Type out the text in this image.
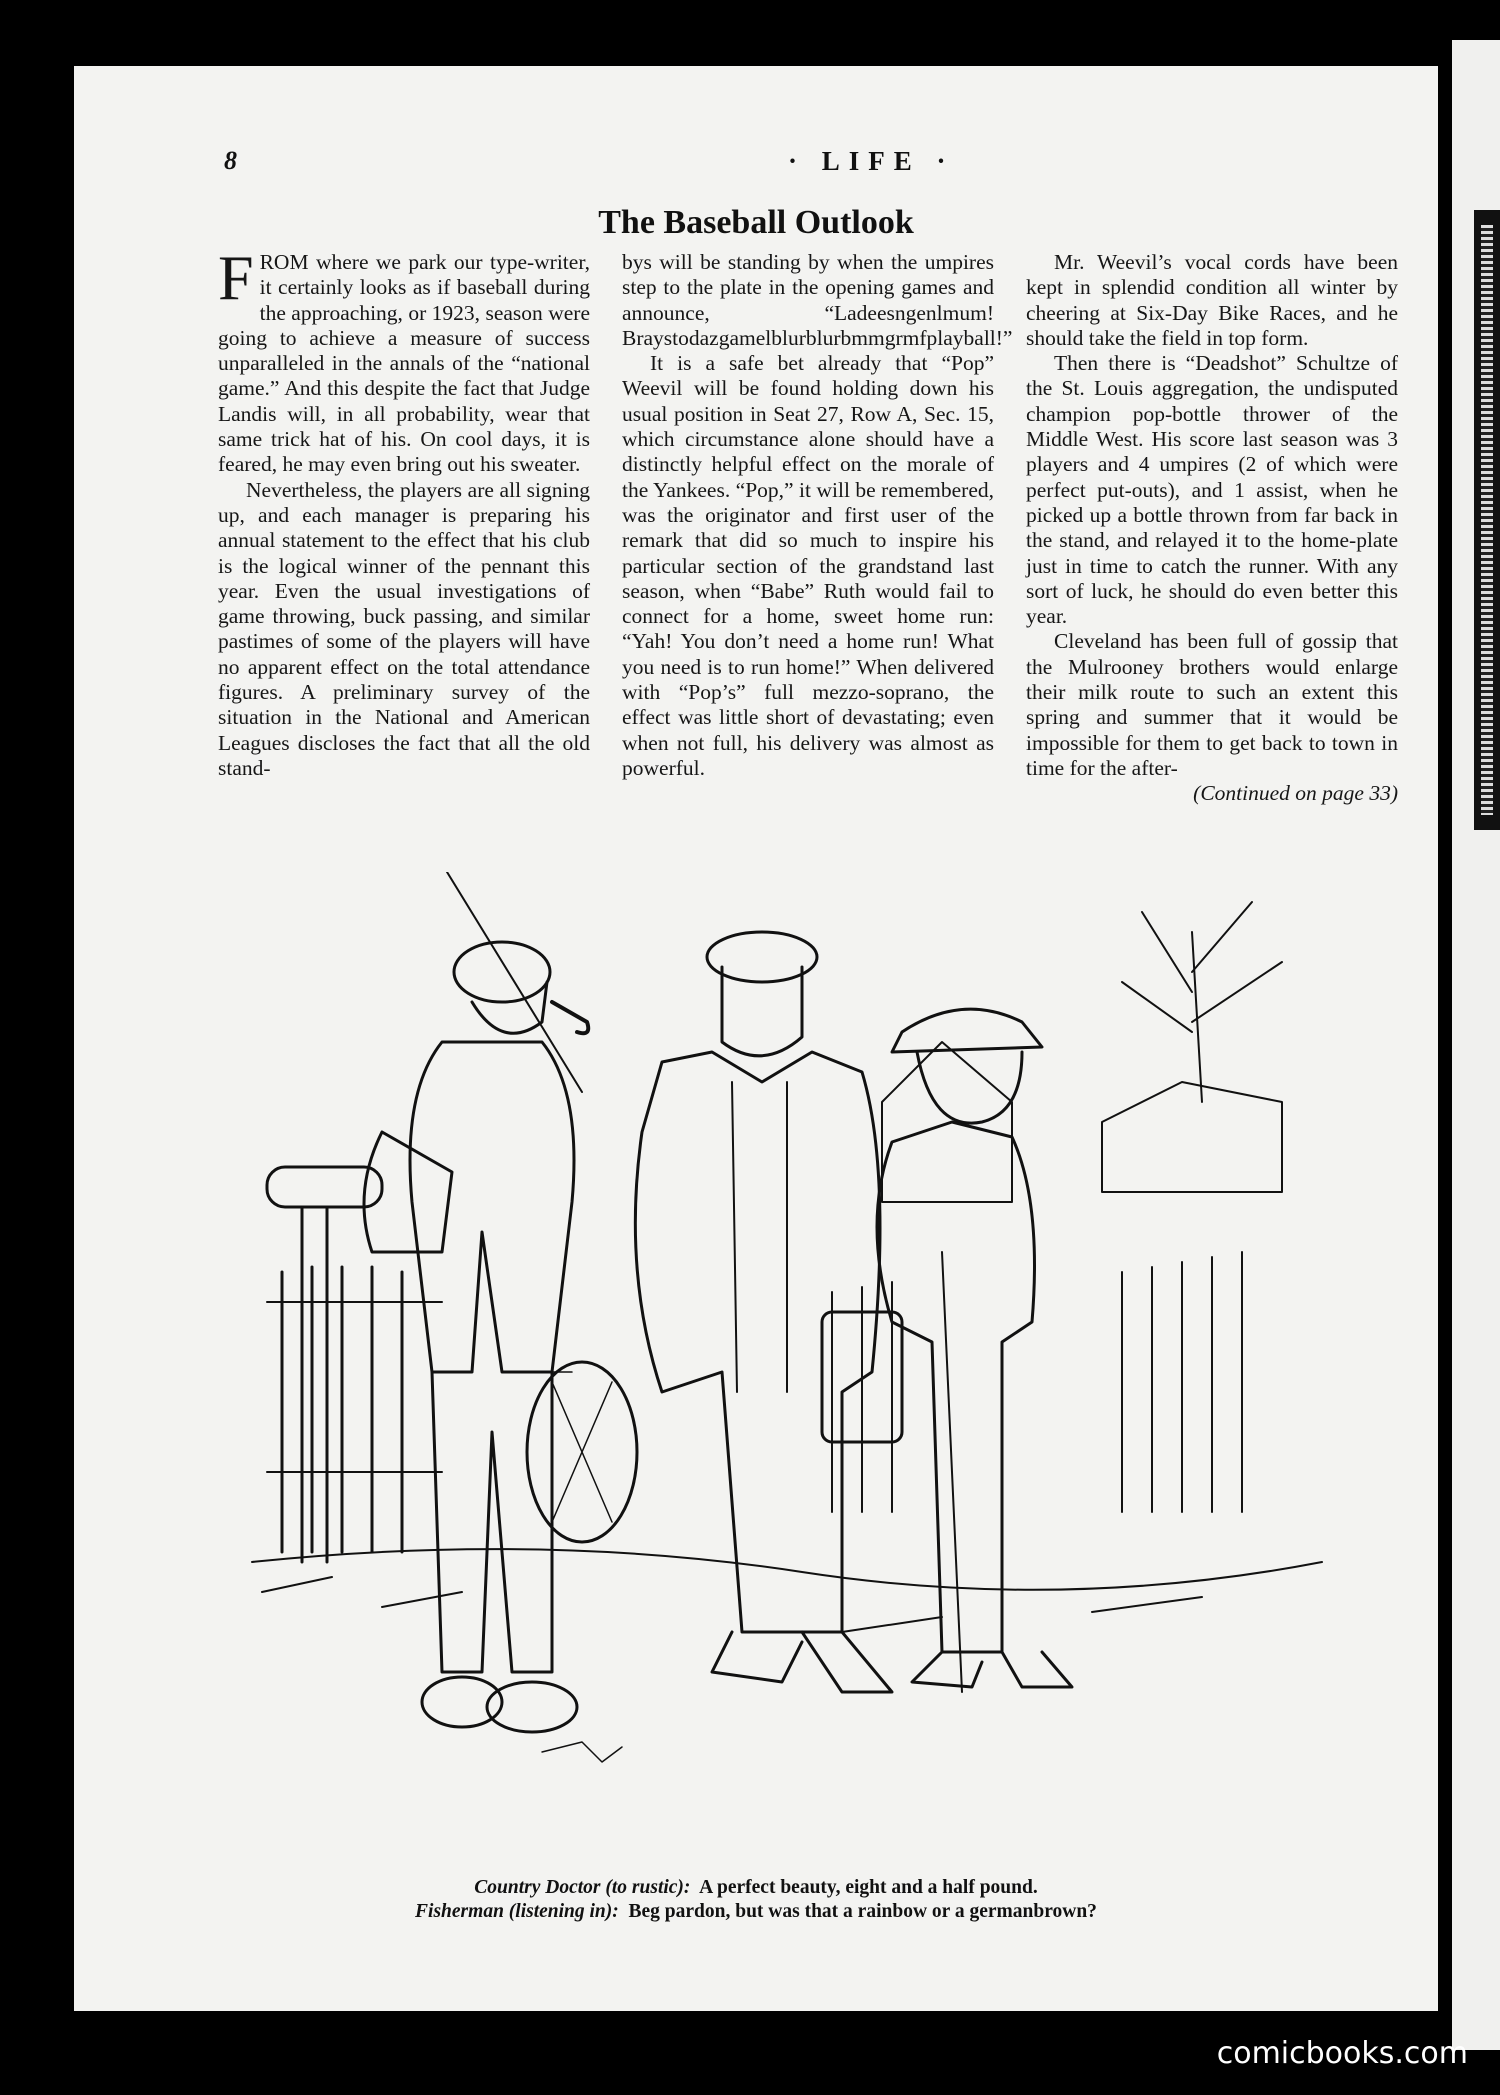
8	· LIFE ·
The Baseball Outlook

FROM where we park our type-writer, it certainly looks as if baseball during the approaching, or 1923, season were going to achieve a measure of success unparalleled in the annals of the “national game.” And this despite the fact that Judge Landis will, in all probability, wear that same trick hat of his. On cool days, it is feared, he may even bring out his sweater.

Nevertheless, the players are all signing up, and each manager is preparing his annual statement to the effect that his club is the logical winner of the pennant this year. Even the usual investigations of game throwing, buck passing, and similar pastimes of some of the players will have no apparent effect on the total attendance figures. A preliminary survey of the situation in the National and American Leagues discloses the fact that all the old stand-

bys will be standing by when the umpires step to the plate in the opening games and announce, “Ladeesngenlmum! Braystodazgamelblurblurbmmgrmfplayball!”

It is a safe bet already that “Pop” Weevil will be found holding down his usual position in Seat 27, Row A, Sec. 15, which circumstance alone should have a distinctly helpful effect on the morale of the Yankees. “Pop,” it will be remembered, was the originator and first user of the remark that did so much to inspire his particular section of the grandstand last season, when “Babe” Ruth would fail to connect for a home, sweet home run: “Yah! You don’t need a home run! What you need is to run home!” When delivered with “Pop’s” full mezzo-soprano, the effect was little short of devastating; even when not full, his delivery was almost as powerful.

Mr. Weevil’s vocal cords have been kept in splendid condition all winter by cheering at Six-Day Bike Races, and he should take the field in top form.

Then there is “Deadshot” Schultze of the St. Louis aggregation, the undisputed champion pop-bottle thrower of the Middle West. His score last season was 3 players and 4 umpires (2 of which were perfect put-outs), and 1 assist, when he picked up a bottle thrown from far back in the stand, and relayed it to the home-plate just in time to catch the runner. With any sort of luck, he should do even better this year.

Cleveland has been full of gossip that the Mulrooney brothers would enlarge their milk route to such an extent this spring and summer that it would be impossible for them to get back to town in time for the after-

(Continued on page 33)

Country Doctor (to rustic): A perfect beauty, eight and a half pound.
Fisherman (listening in): Beg pardon, but was that a rainbow or a germanbrown?
comicbooks.com
